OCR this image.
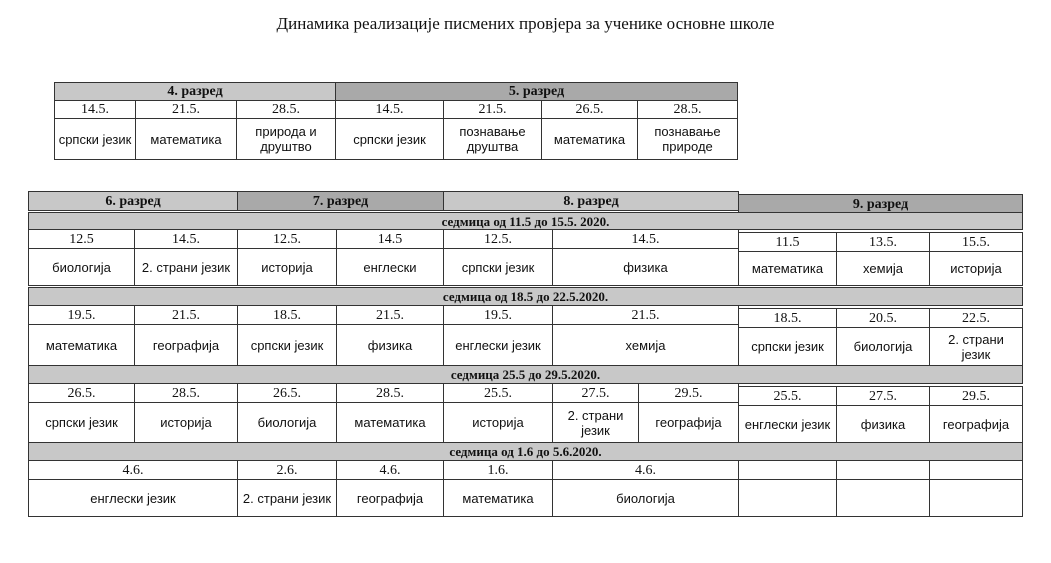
Динамика реализације писмених провјера за ученике основне школе
4. разред	5. разред
14.5.	21.5.	28.5.	14.5.	21.5.	26.5.	28.5.
српски језик	математика	природа и друштво	српски језик	познавање друштва	математика	познавање природе
6. разред	7. разред	8. разред	9. разред
седмица од 11.5 до 15.5. 2020.
12.5	14.5.	12.5.	14.5	12.5.	14.5.	11.5	13.5.	15.5.
биологија	2. страни језик	историја	енглески	српски језик	физика	математика	хемија	историја
седмица од 18.5 до 22.5.2020.
19.5.	21.5.	18.5.	21.5.	19.5.	21.5.	18.5.	20.5.	22.5.
математика	географија	српски језик	физика	енглески језик	хемија	српски језик	биологија	2. страни језик
седмица 25.5 до 29.5.2020.
26.5.	28.5.	26.5.	28.5.	25.5.	27.5.	29.5.	25.5.	27.5.	29.5.
српски језик	историја	биологија	математика	историја	2. страни језик	географија	енглески језик	физика	географија
седмица од 1.6 до 5.6.2020.
4.6.	2.6.	4.6.	1.6.	4.6.
енглески језик	2. страни језик	географија	математика	биологија
